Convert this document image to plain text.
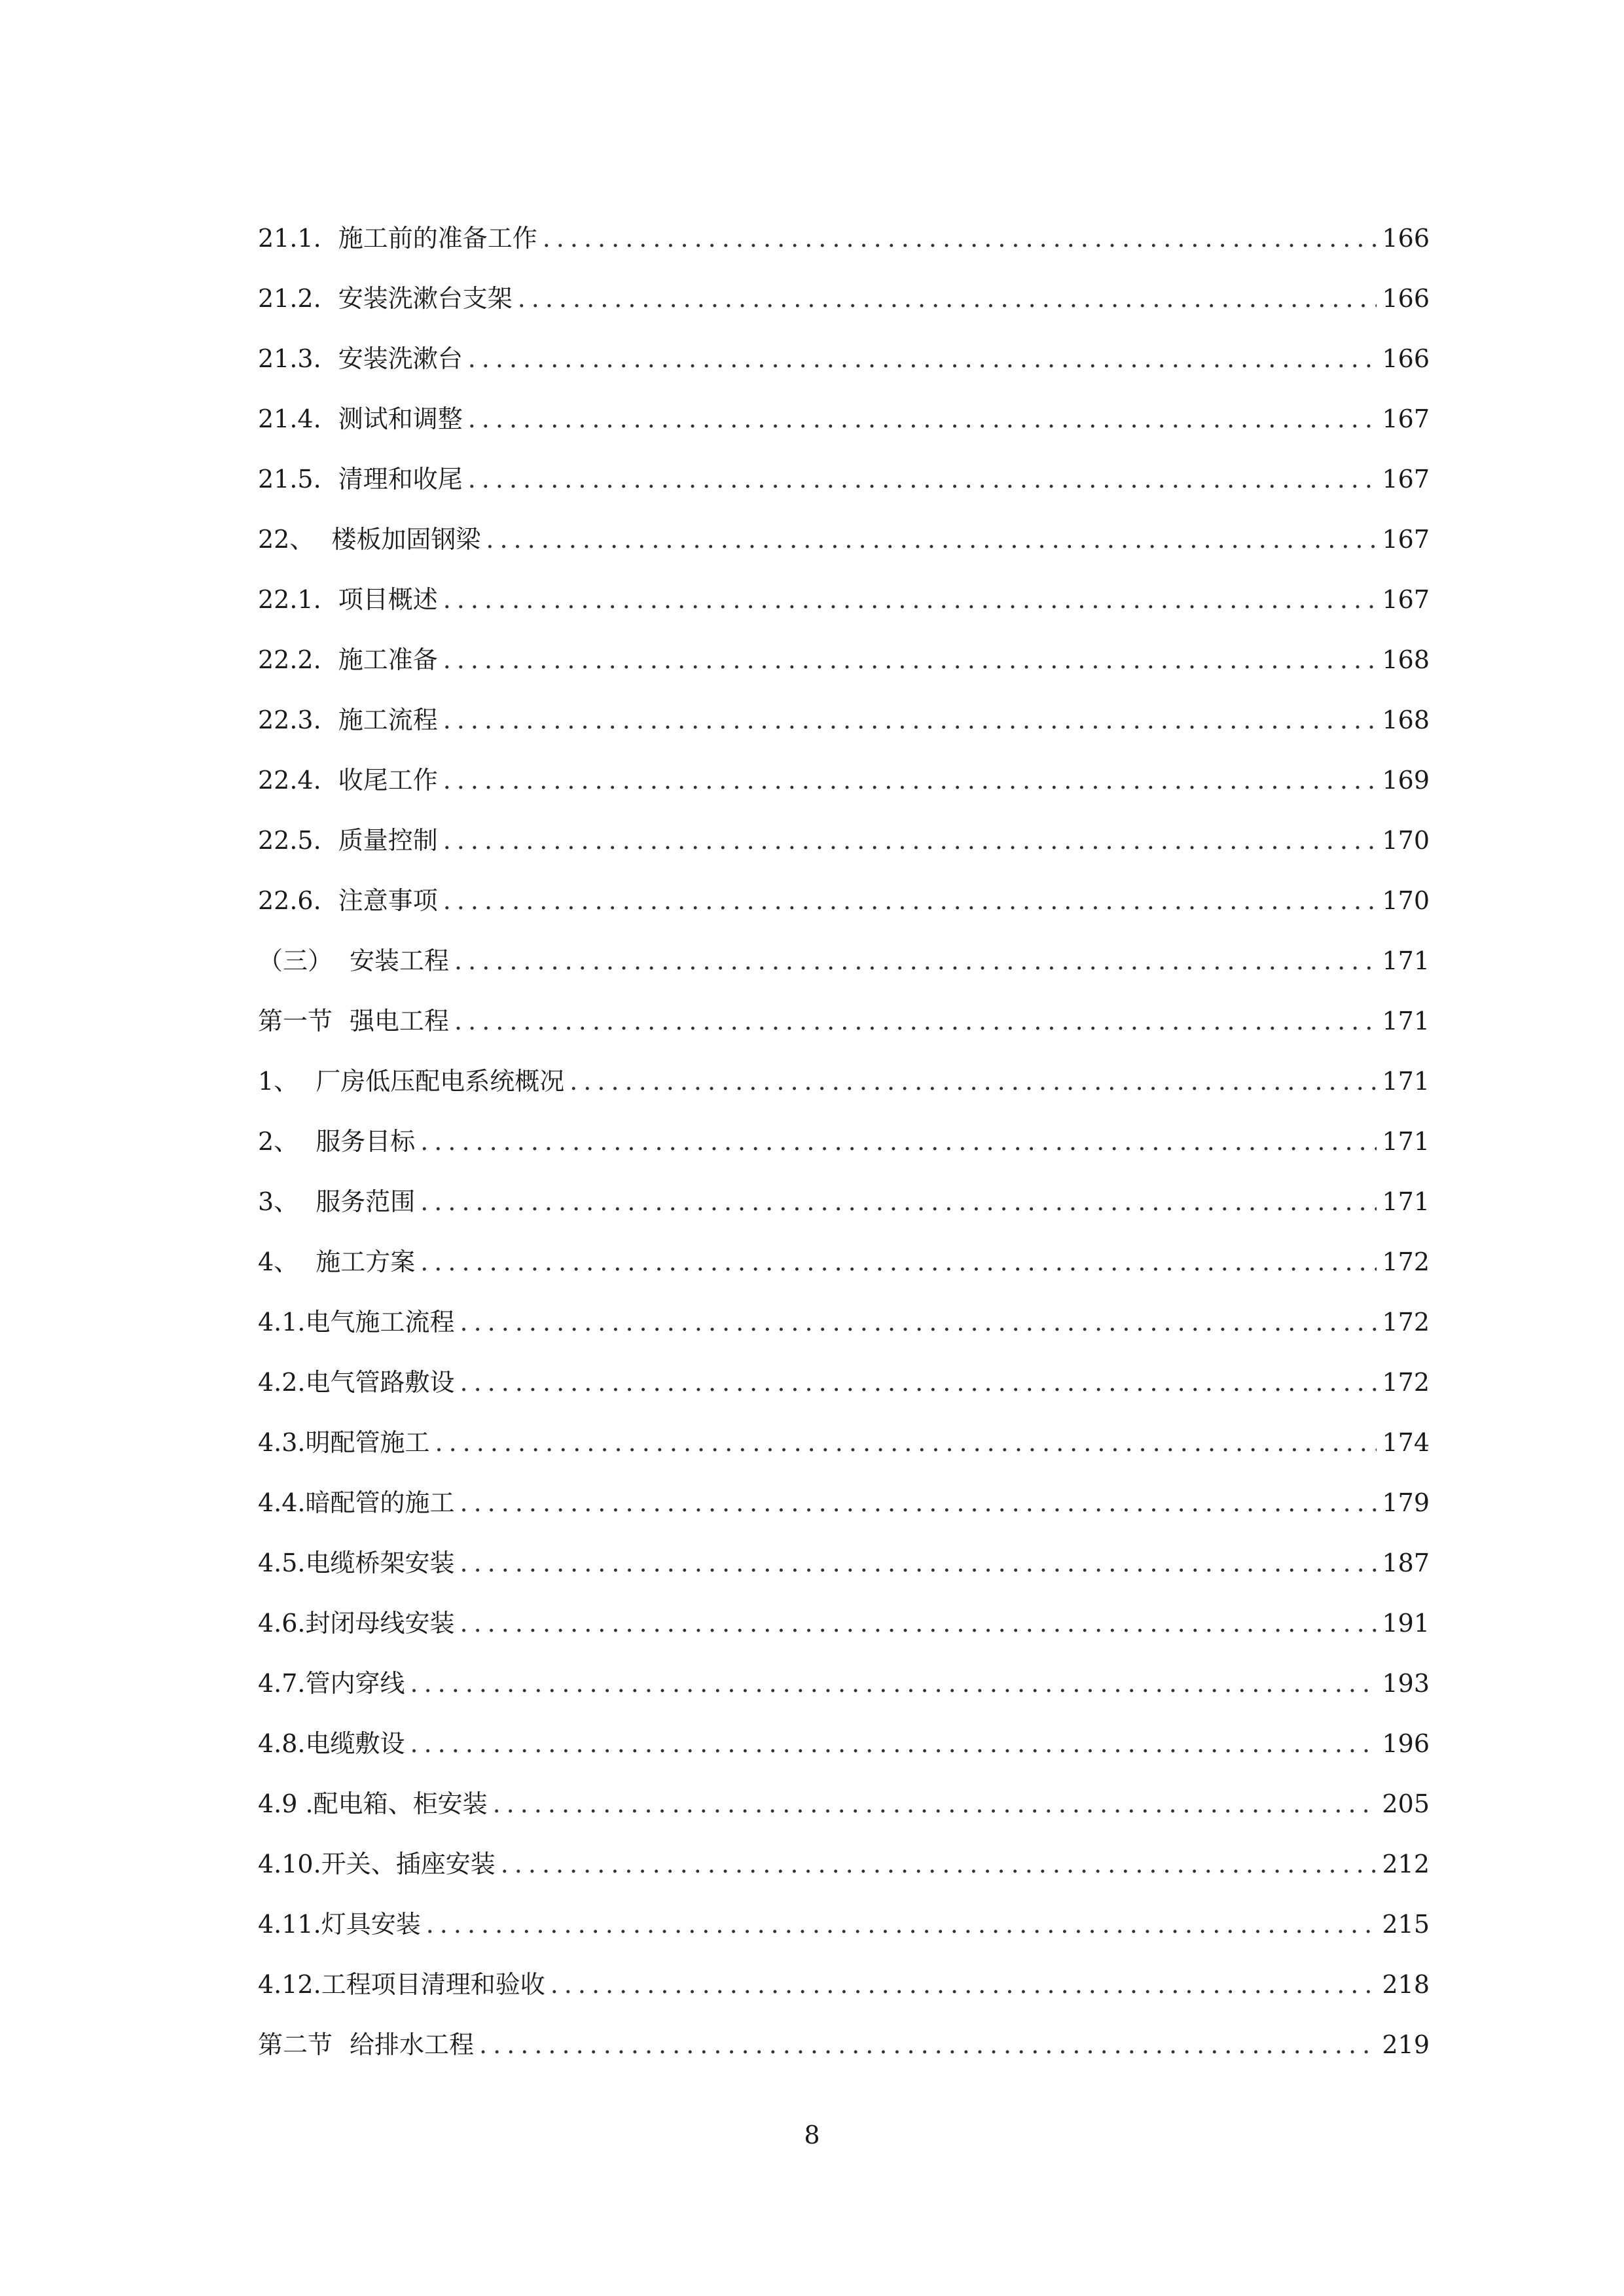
21.1. 施工前的准备工作 .....	166
21.2. 安装洗漱台支架 .....	166
21.3. 安装洗漱台 .....	166
21.4. 测试和调整 .....	167
21.5. 清理和收尾 .....	167
22、 楼板加固钢梁 .....	167
22.1. 项目概述 .....	167
22.2. 施工准备 .....	168
22.3. 施工流程 .....	168
22.4. 收尾工作 .....	169
22.5. 质量控制 .....	170
22.6. 注意事项 .....	170
（三） 安装工程 .....	171
第一节 强电工程 .....	171
1、 厂房低压配电系统概况 .....	171
2、 服务目标 .....	171
3、 服务范围 .....	171
4、 施工方案 .....	172
4.1.电气施工流程 .....	172
4.2.电气管路敷设 .....	172
4.3.明配管施工 .....	174
4.4.暗配管的施工 .....	179
4.5.电缆桥架安装 .....	187
4.6.封闭母线安装 .....	191
4.7.管内穿线 .....	193
4.8.电缆敷设 .....	196
4.9 .配电箱、柜安装 .....	205
4.10.开关、插座安装 .....	212
4.11.灯具安装 .....	215
4.12.工程项目清理和验收 .....	218
第二节 给排水工程 .....	219
8
